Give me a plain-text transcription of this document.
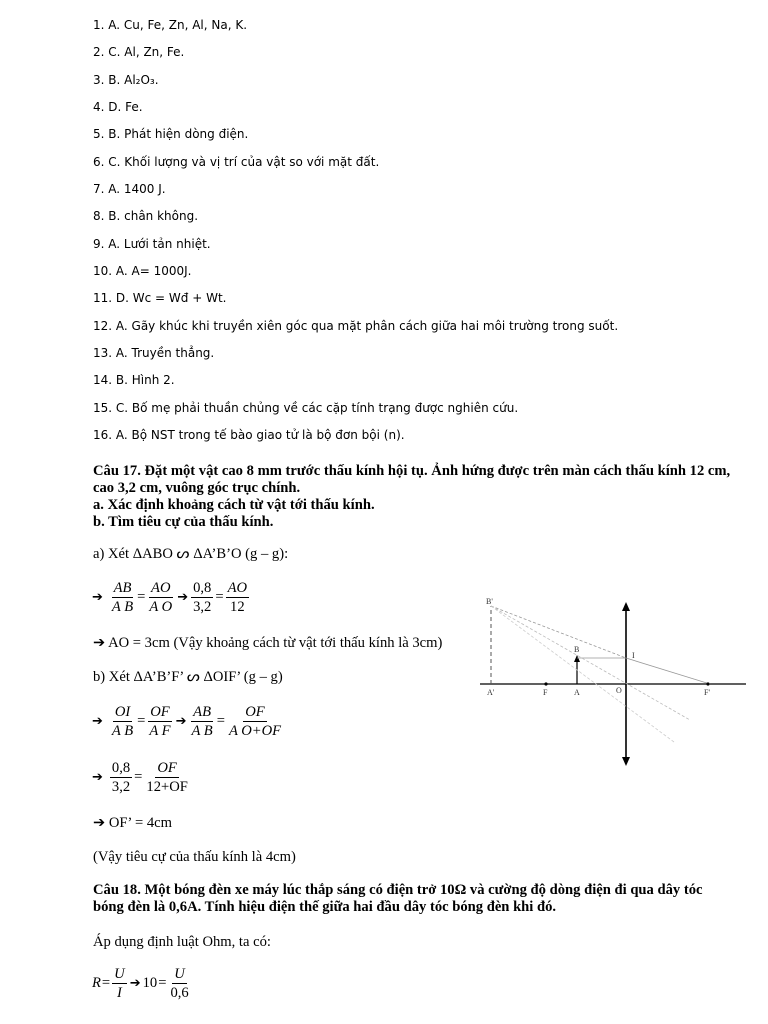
1. A. Cu, Fe, Zn, Al, Na, K.
2. C. Al, Zn, Fe.
3. B. Al₂O₃.
4. D. Fe.
5. B. Phát hiện dòng điện.
6. C. Khối lượng và vị trí của vật so với mặt đất.
7. A. 1400 J.
8. B. chân không.
9. A. Lưới tản nhiệt.
10. A. A= 1000J.
11. D. Wc = Wđ + Wt.
12. A. Gãy khúc khi truyền xiên góc qua mặt phân cách giữa hai môi trường trong suốt.
13. A. Truyền thẳng.
14. B. Hình 2.
15. C. Bố mẹ phải thuần chủng về các cặp tính trạng được nghiên cứu.
16. A. Bộ NST trong tế bào giao tử là bộ đơn bội (n).
Câu 17. Đặt một vật cao 8 mm trước thấu kính hội tụ. Ảnh hứng được trên màn cách thấu kính 12 cm, cao 3,2 cm, vuông góc trục chính.
a. Xác định khoảng cách từ vật tới thấu kính.
b. Tìm tiêu cự của thấu kính.
a) Xét ΔABO ᔕ ΔA’B’O (g – g):
➔ $\frac{AB}{\text{A B}} = \frac{AO}{\text{A O}}$ ➔ $\frac{0,8}{3,2} = \frac{AO}{12}$
➔ AO = 3cm (Vậy khoảng cách từ vật tới thấu kính là 3cm)
b) Xét ΔA’B’F’ ᔕ ΔOIF’ (g – g)
➔ $\frac{OI}{\text{A B}} = \frac{OF}{\text{A F}}$ ➔ $\frac{AB}{\text{A B}} = \frac{OF}{\text{A O+OF}}$
➔ $\frac{0,8}{3,2} = \frac{OF}{12+OF}$
➔ OF’ = 4cm
(Vậy tiêu cự của thấu kính là 4cm)
B'
B
I
A'	F	A	O	F'
Câu 18. Một bóng đèn xe máy lúc thắp sáng có điện trở 10Ω và cường độ dòng điện đi qua dây tóc bóng đèn là 0,6A. Tính hiệu điện thế giữa hai đầu dây tóc bóng đèn khi đó.
Áp dụng định luật Ohm, ta có:
$R = \frac{U}{I}$ ➔ $10 = \frac{U}{0,6}$
